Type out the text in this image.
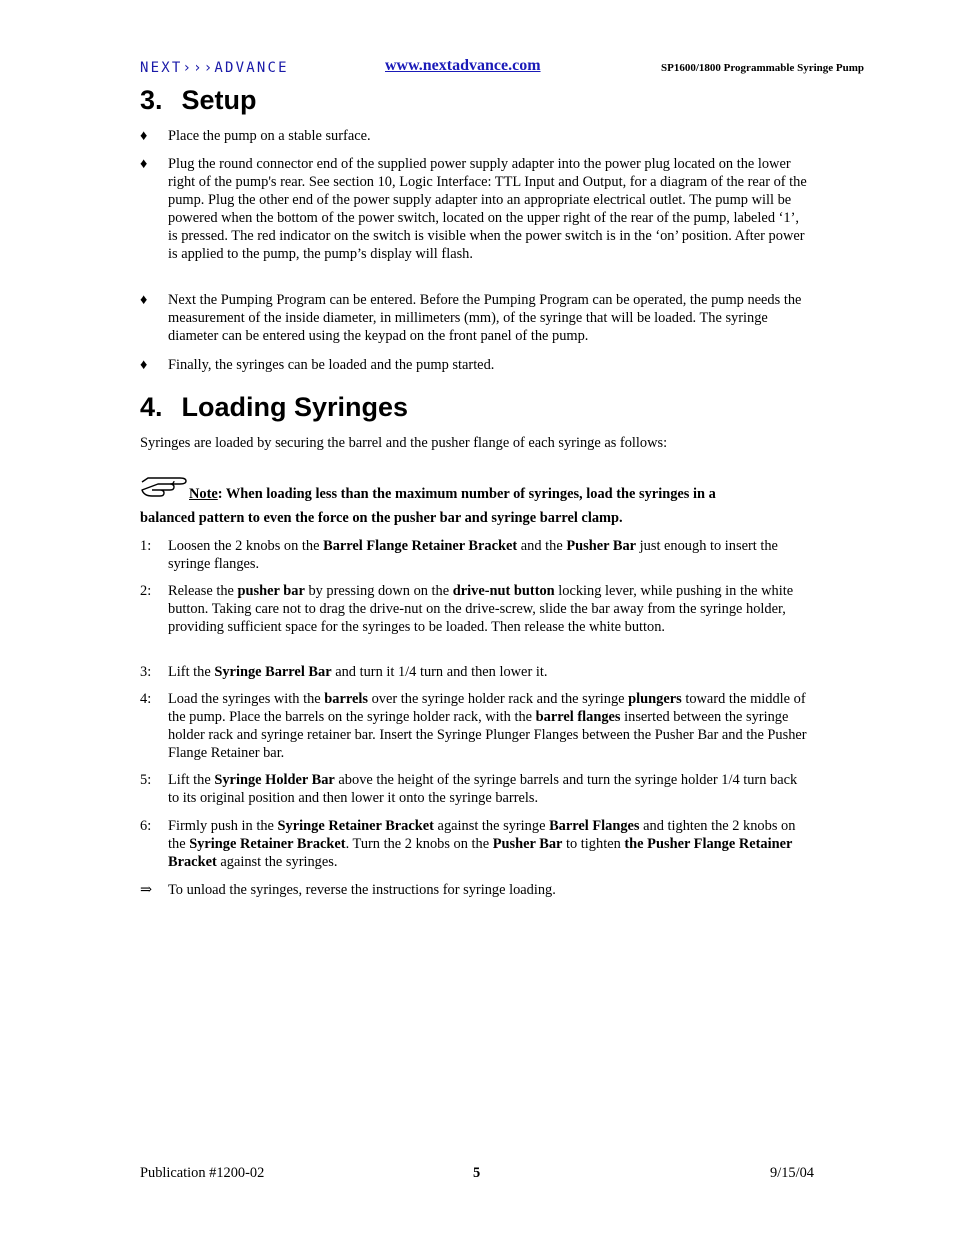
NEXT›››ADVANCE	www.nextadvance.com	SP1600/1800 Programmable Syringe Pump
3. Setup
♦	Place the pump on a stable surface.
♦	Plug the round connector end of the supplied power supply adapter into the power plug located on the lower right of the pump's rear. See section 10, Logic Interface: TTL Input and Output, for a diagram of the rear of the pump. Plug the other end of the power supply adapter into an appropriate electrical outlet. The pump will be powered when the bottom of the power switch, located on the upper right of the rear of the pump, labeled ‘1’, is pressed. The red indicator on the switch is visible when the power switch is in the ‘on’ position. After power is applied to the pump, the pump’s display will flash.
♦	Next the Pumping Program can be entered. Before the Pumping Program can be operated, the pump needs the measurement of the inside diameter, in millimeters (mm), of the syringe that will be loaded. The syringe diameter can be entered using the keypad on the front panel of the pump.
♦	Finally, the syringes can be loaded and the pump started.
4. Loading Syringes
Syringes are loaded by securing the barrel and the pusher flange of each syringe as follows:
Note: When loading less than the maximum number of syringes, load the syringes in a
balanced pattern to even the force on the pusher bar and syringe barrel clamp.
1:	Loosen the 2 knobs on the Barrel Flange Retainer Bracket and the Pusher Bar just enough to insert the syringe flanges.
2:	Release the pusher bar by pressing down on the drive-nut button locking lever, while pushing in the white button. Taking care not to drag the drive-nut on the drive-screw, slide the bar away from the syringe holder, providing sufficient space for the syringes to be loaded. Then release the white button.
3:	Lift the Syringe Barrel Bar and turn it 1/4 turn and then lower it.
4:	Load the syringes with the barrels over the syringe holder rack and the syringe plungers toward the middle of the pump. Place the barrels on the syringe holder rack, with the barrel flanges inserted between the syringe holder rack and syringe retainer bar. Insert the Syringe Plunger Flanges between the Pusher Bar and the Pusher Flange Retainer bar.
5:	Lift the Syringe Holder Bar above the height of the syringe barrels and turn the syringe holder 1/4 turn back to its original position and then lower it onto the syringe barrels.
6:	Firmly push in the Syringe Retainer Bracket against the syringe Barrel Flanges and tighten the 2 knobs on the Syringe Retainer Bracket. Turn the 2 knobs on the Pusher Bar to tighten the Pusher Flange Retainer Bracket against the syringes.
⇒	To unload the syringes, reverse the instructions for syringe loading.
Publication #1200-02	5	9/15/04
